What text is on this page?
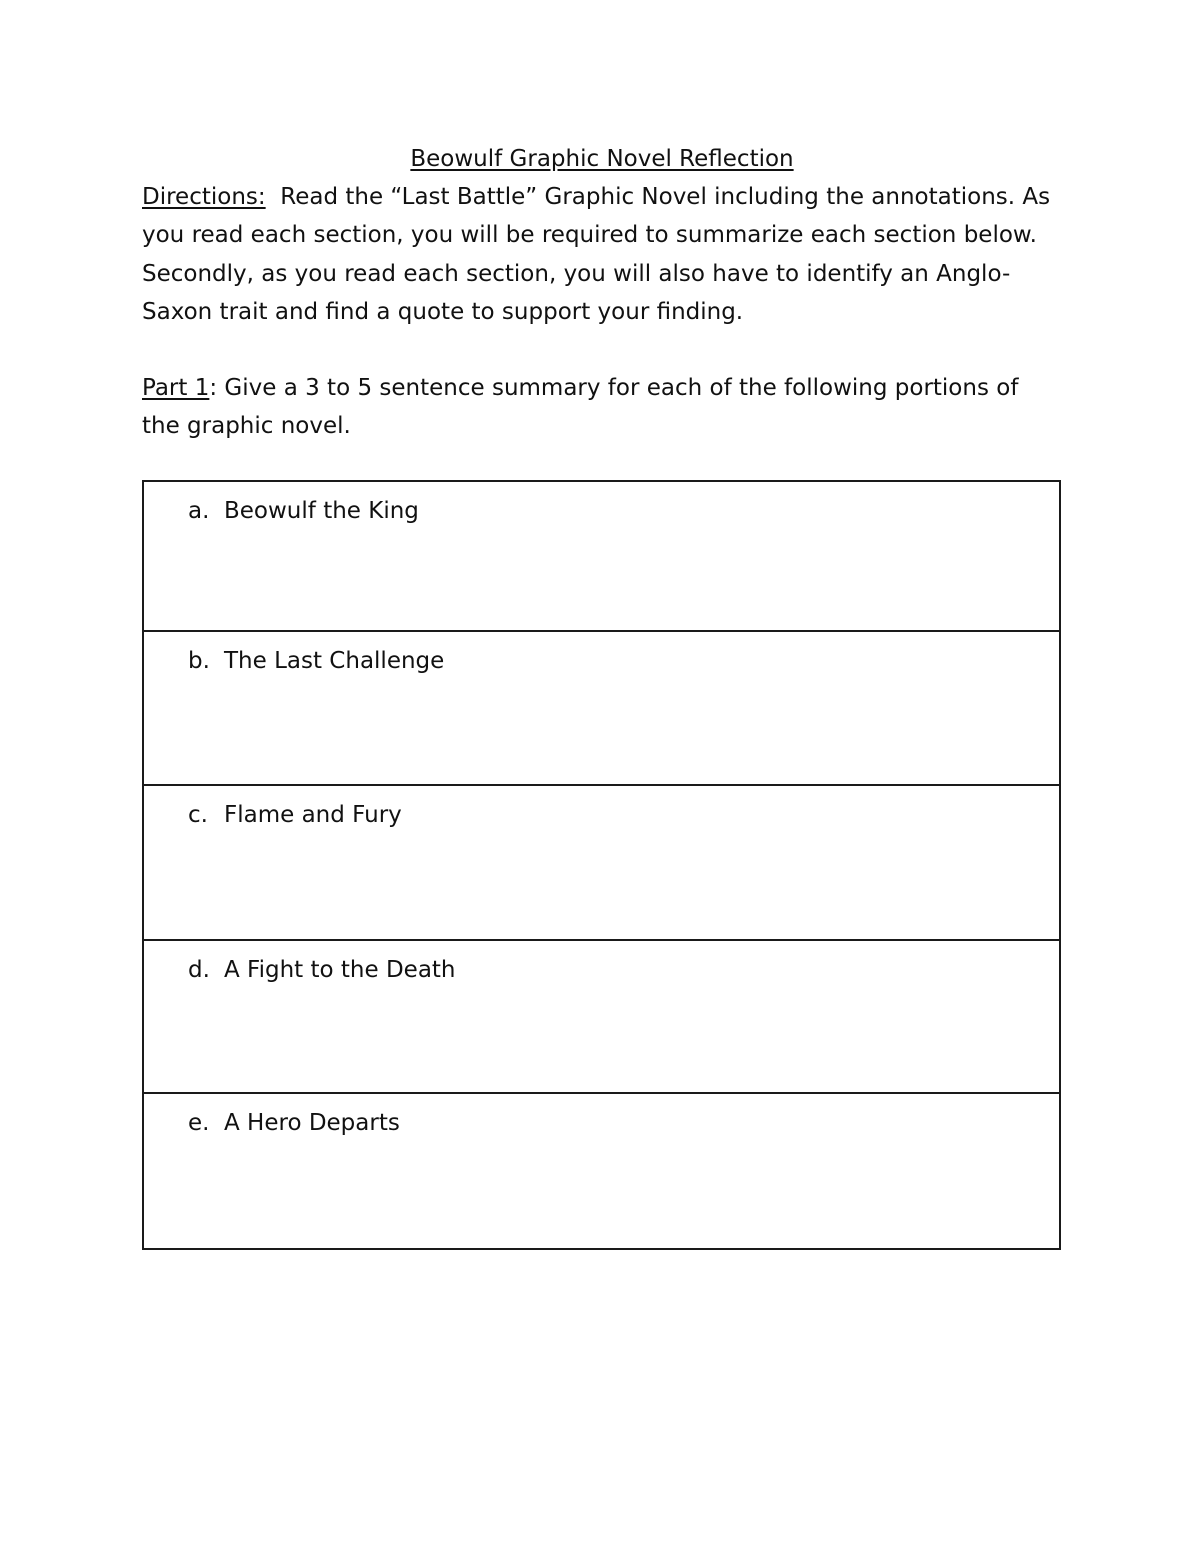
Beowulf Graphic Novel Reflection

Directions:  Read the “Last Battle” Graphic Novel including the annotations. As you read each section, you will be required to summarize each section below. Secondly, as you read each section, you will also have to identify an Anglo-Saxon trait and find a quote to support your finding.

Part 1: Give a 3 to 5 sentence summary for each of the following portions of the graphic novel.

a. Beowulf the King

b. The Last Challenge

c. Flame and Fury

d. A Fight to the Death

e. A Hero Departs
